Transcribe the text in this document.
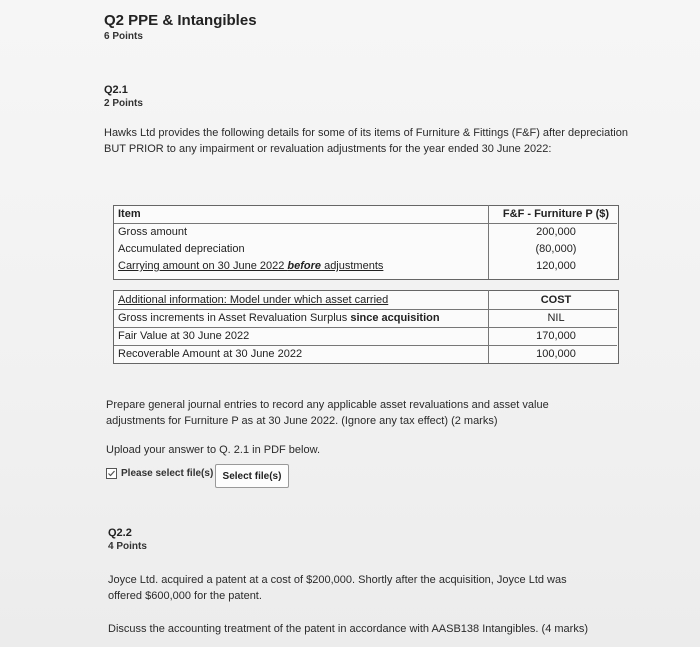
Q2 PPE & Intangibles
6 Points
Q2.1
2 Points
Hawks Ltd provides the following details for some of its items of Furniture & Fittings (F&F) after depreciation BUT PRIOR to any impairment or revaluation adjustments for the year ended 30 June 2022:
Item	F&F - Furniture P ($)
Gross amount	200,000
Accumulated depreciation	(80,000)
Carrying amount on 30 June 2022 before adjustments	120,000
Additional information: Model under which asset carried	COST
Gross increments in Asset Revaluation Surplus since acquisition	NIL
Fair Value at 30 June 2022	170,000
Recoverable Amount at 30 June 2022	100,000
Prepare general journal entries to record any applicable asset revaluations and asset value adjustments for Furniture P as at 30 June 2022. (Ignore any tax effect) (2 marks)
Upload your answer to Q. 2.1 in PDF below.
Please select file(s) Select file(s)
Q2.2
4 Points
Joyce Ltd. acquired a patent at a cost of $200,000. Shortly after the acquisition, Joyce Ltd was offered $600,000 for the patent.
Discuss the accounting treatment of the patent in accordance with AASB138 Intangibles. (4 marks)
